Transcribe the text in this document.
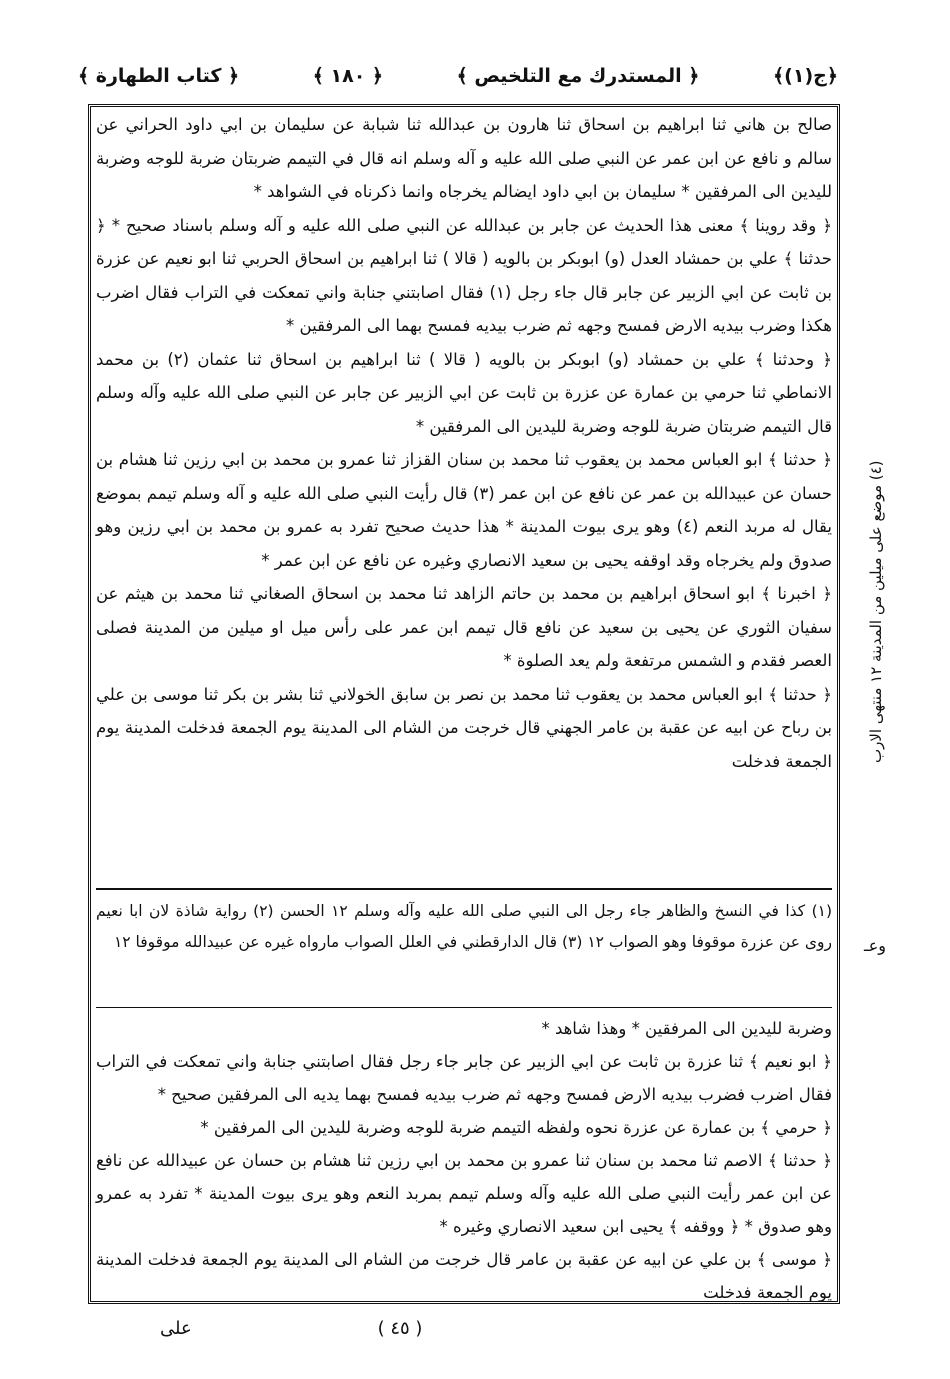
﴿ج(١)﴾
﴿ المستدرك مع التلخيص ﴾
﴿ ١٨٠ ﴾
﴿ كتاب الطهارة ﴾

صالح بن هاني ثنا ابراهيم بن اسحاق ثنا هارون بن عبدالله ثنا شبابة عن سليمان بن ابي داود الحراني عن سالم و نافع عن ابن عمر عن النبي صلى الله عليه و آله وسلم انه قال في التيمم ضربتان ضربة للوجه وضربة لليدين الى المرفقين * سليمان بن ابي داود ايضالم يخرجاه وانما ذكرناه في الشواهد *

﴿ وقد روينا ﴾ معنى هذا الحديث عن جابر بن عبدالله عن النبي صلى الله عليه و آله وسلم باسناد صحيح * ﴿ حدثنا ﴾ علي بن حمشاد العدل (و) ابوبكر بن بالويه ( قالا ) ثنا ابراهيم بن اسحاق الحربي ثنا ابو نعيم عن عزرة بن ثابت عن ابي الزبير عن جابر قال جاء رجل (١) فقال اصابتني جنابة واني تمعكت في التراب فقال اضرب هكذا وضرب بيديه الارض فمسح وجهه ثم ضرب بيديه فمسح بهما الى المرفقين *

﴿ وحدثنا ﴾ علي بن حمشاد (و) ابوبكر بن بالويه ( قالا ) ثنا ابراهيم بن اسحاق ثنا عثمان (٢) بن محمد الانماطي ثنا حرمي بن عمارة عن عزرة بن ثابت عن ابي الزبير عن جابر عن النبي صلى الله عليه وآله وسلم قال التيمم ضربتان ضربة للوجه وضربة لليدين الى المرفقين *

﴿ حدثنا ﴾ ابو العباس محمد بن يعقوب ثنا محمد بن سنان القزاز ثنا عمرو بن محمد بن ابي رزين ثنا هشام بن حسان عن عبيدالله بن عمر عن نافع عن ابن عمر (٣) قال رأيت النبي صلى الله عليه و آله وسلم تيمم بموضع يقال له مربد النعم (٤) وهو يرى بيوت المدينة * هذا حديث صحيح تفرد به عمرو بن محمد بن ابي رزين وهو صدوق ولم يخرجاه وقد اوقفه يحيى بن سعيد الانصاري وغيره عن نافع عن ابن عمر *

﴿ اخبرنا ﴾ ابو اسحاق ابراهيم بن محمد بن حاتم الزاهد ثنا محمد بن اسحاق الصغاني ثنا محمد بن هيثم عن سفيان الثوري عن يحيى بن سعيد عن نافع قال تيمم ابن عمر على رأس ميل او ميلين من المدينة فصلى العصر فقدم و الشمس مرتفعة ولم يعد الصلوة *

﴿ حدثنا ﴾ ابو العباس محمد بن يعقوب ثنا محمد بن نصر بن سابق الخولاني ثنا بشر بن بكر ثنا موسى بن علي بن رباح عن ابيه عن عقبة بن عامر الجهني قال خرجت من الشام الى المدينة يوم الجمعة فدخلت المدينة يوم الجمعة فدخلت

(١) كذا في النسخ والظاهر جاء رجل الى النبي صلى الله عليه وآله وسلم ١٢ الحسن (٢) رواية شاذة لان ابا نعيم روى عن عزرة موقوفا وهو الصواب ١٢ (٣) قال الدارقطني في العلل الصواب مارواه غيره عن عبيدالله موقوفا ١٢

وضربة لليدين الى المرفقين * وهذا شاهد *

﴿ ابو نعيم ﴾ ثنا عزرة بن ثابت عن ابي الزبير عن جابر جاء رجل فقال اصابتني جنابة واني تمعكت في التراب فقال اضرب فضرب بيديه الارض فمسح وجهه ثم ضرب بيديه فمسح بهما يديه الى المرفقين صحيح *

﴿ حرمي ﴾ بن عمارة عن عزرة نحوه ولفظه التيمم ضربة للوجه وضربة لليدين الى المرفقين *

﴿ حدثنا ﴾ الاصم ثنا محمد بن سنان ثنا عمرو بن محمد بن ابي رزين ثنا هشام بن حسان عن عبيدالله عن نافع عن ابن عمر رأيت النبي صلى الله عليه وآله وسلم تيمم بمربد النعم وهو يرى بيوت المدينة * تفرد به عمرو وهو صدوق * ﴿ ووقفه ﴾ يحيى ابن سعيد الانصاري وغيره *

﴿ موسى ﴾ بن علي عن ابيه عن عقبة بن عامر قال خرجت من الشام الى المدينة يوم الجمعة فدخلت المدينة يوم الجمعة فدخلت

(٤) موضع على ميلين من المدينة ١٢ منتهى الارب
وعـ
( ٤٥ )
على
